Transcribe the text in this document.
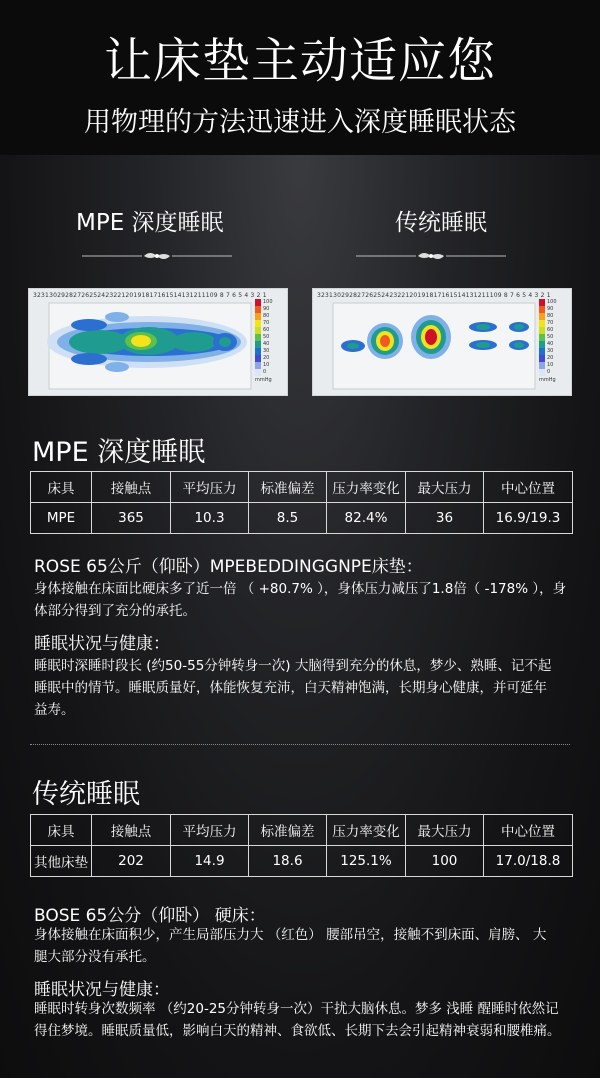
让床垫主动适应您
用物理的方法迅速进入深度睡眠状态
MPE 深度睡眠	传统睡眠
3231302928272625242322120191817161514131211109 8 7 6 5 4 3 2 1
100
90
80
70
60
50
40
30
20
10
0
mmHg
3231302928272625242322120191817161514131211109 8 7 6 5 4 3 2 1
100
90
80
70
60
50
40
30
20
10
0
mmHg
MPE 深度睡眠
床具	接触点	平均压力	标准偏差	压力率变化	最大压力	中心位置
MPE	365	10.3	8.5	82.4%	36	16.9/19.3
ROSE 65公斤（仰卧）MPEBEDDINGGNPE床垫：
身体接触在床面比硬床多了近一倍 （ +80.7% ），身体压力减压了1.8倍（ -178% ），身
体部分得到了充分的承托。
睡眠状况与健康：
睡眠时深睡时段长 (约50-55分钟转身一次) 大脑得到充分的休息，梦少、熟睡、记不起
睡眠中的情节。睡眠质量好，体能恢复充沛，白天精神饱满，长期身心健康，并可延年
益寿。
传统睡眠
床具	接触点	平均压力	标准偏差	压力率变化	最大压力	中心位置
其他床垫	202	14.9	18.6	125.1%	100	17.0/18.8
BOSE 65公分（仰卧） 硬床：
身体接触在床面积少，产生局部压力大 （红色） 腰部吊空，接触不到床面、肩膀、 大
腿大部分没有承托。
睡眠状况与健康：
睡眠时转身次数频率 （约20-25分钟转身一次）干扰大脑休息。梦多 浅睡 醒睡时依然记
得住梦境。睡眠质量低，影响白天的精神、食欲低、长期下去会引起精神衰弱和腰椎痛。
